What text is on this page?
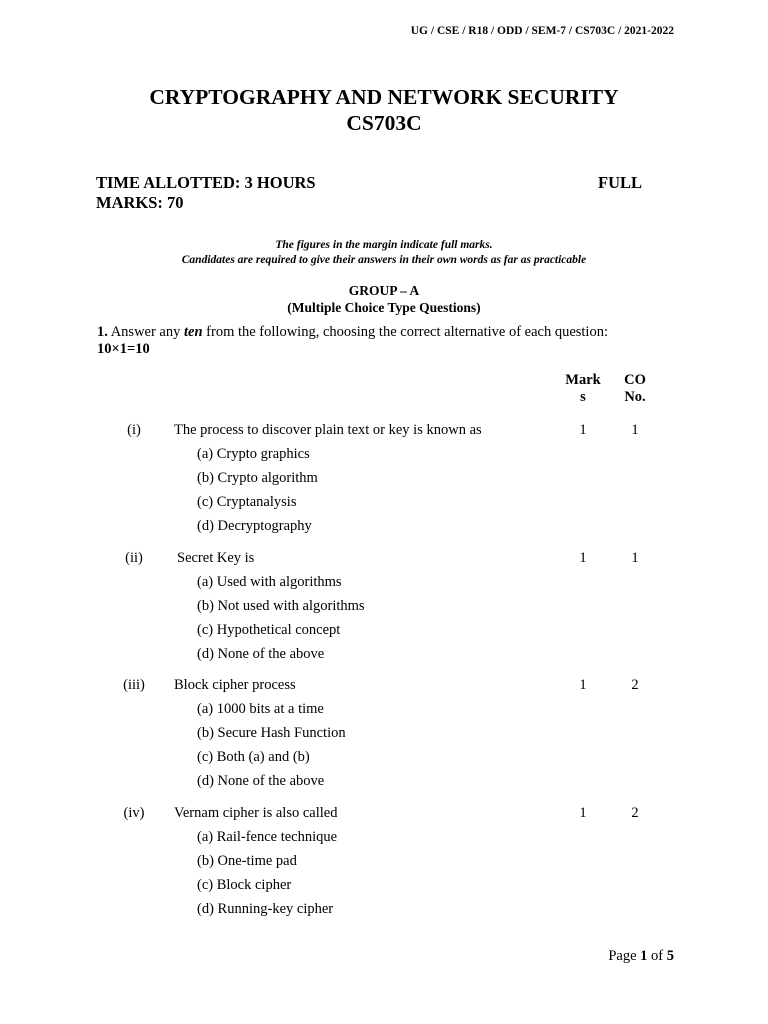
UG / CSE / R18 / ODD / SEM-7 / CS703C / 2021-2022
CRYPTOGRAPHY AND NETWORK SECURITY
CS703C
TIME ALLOTTED: 3 HOURS	FULL
MARKS: 70
The figures in the margin indicate full marks.
Candidates are required to give their answers in their own words as far as practicable
GROUP – A
(Multiple Choice Type Questions)
1. Answer any ten from the following, choosing the correct alternative of each question:
10×1=10
Mark
s
CO
No.
(i)	The process to discover plain text or key is known as	1	1
(a) Crypto graphics
(b) Crypto algorithm
(c) Cryptanalysis
(d) Decryptography
(ii)	Secret Key is	1	1
(a) Used with algorithms
(b) Not used with algorithms
(c) Hypothetical concept
(d) None of the above
(iii)	Block cipher process	1	2
(a) 1000 bits at a time
(b) Secure Hash Function
(c) Both (a) and (b)
(d) None of the above
(iv)	Vernam cipher is also called	1	2
(a) Rail-fence technique
(b) One-time pad
(c) Block cipher
(d) Running-key cipher
Page 1 of 5
